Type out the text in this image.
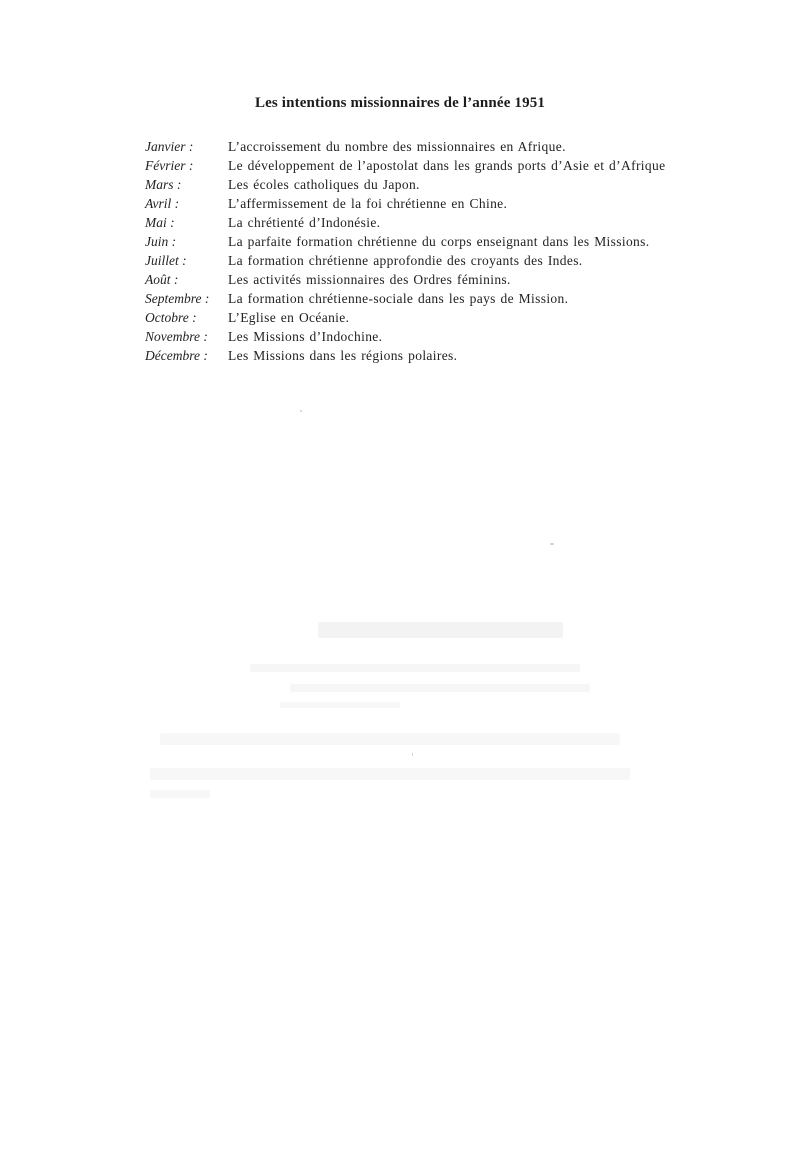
Les intentions missionnaires de l’année 1951
Janvier :	L’accroissement du nombre des missionnaires en Afrique.
Février :	Le développement de l’apostolat dans les grands ports d’Asie et d’Afrique
Mars :	Les écoles catholiques du Japon.
Avril :	L’affermissement de la foi chrétienne en Chine.
Mai :	La chrétienté d’Indonésie.
Juin :	La parfaite formation chrétienne du corps enseignant dans les Missions.
Juillet :	La formation chrétienne approfondie des croyants des Indes.
Août :	Les activités missionnaires des Ordres féminins.
Septembre :	La formation chrétienne-sociale dans les pays de Mission.
Octobre :	L’Eglise en Océanie.
Novembre :	Les Missions d’Indochine.
Décembre :	Les Missions dans les régions polaires.
